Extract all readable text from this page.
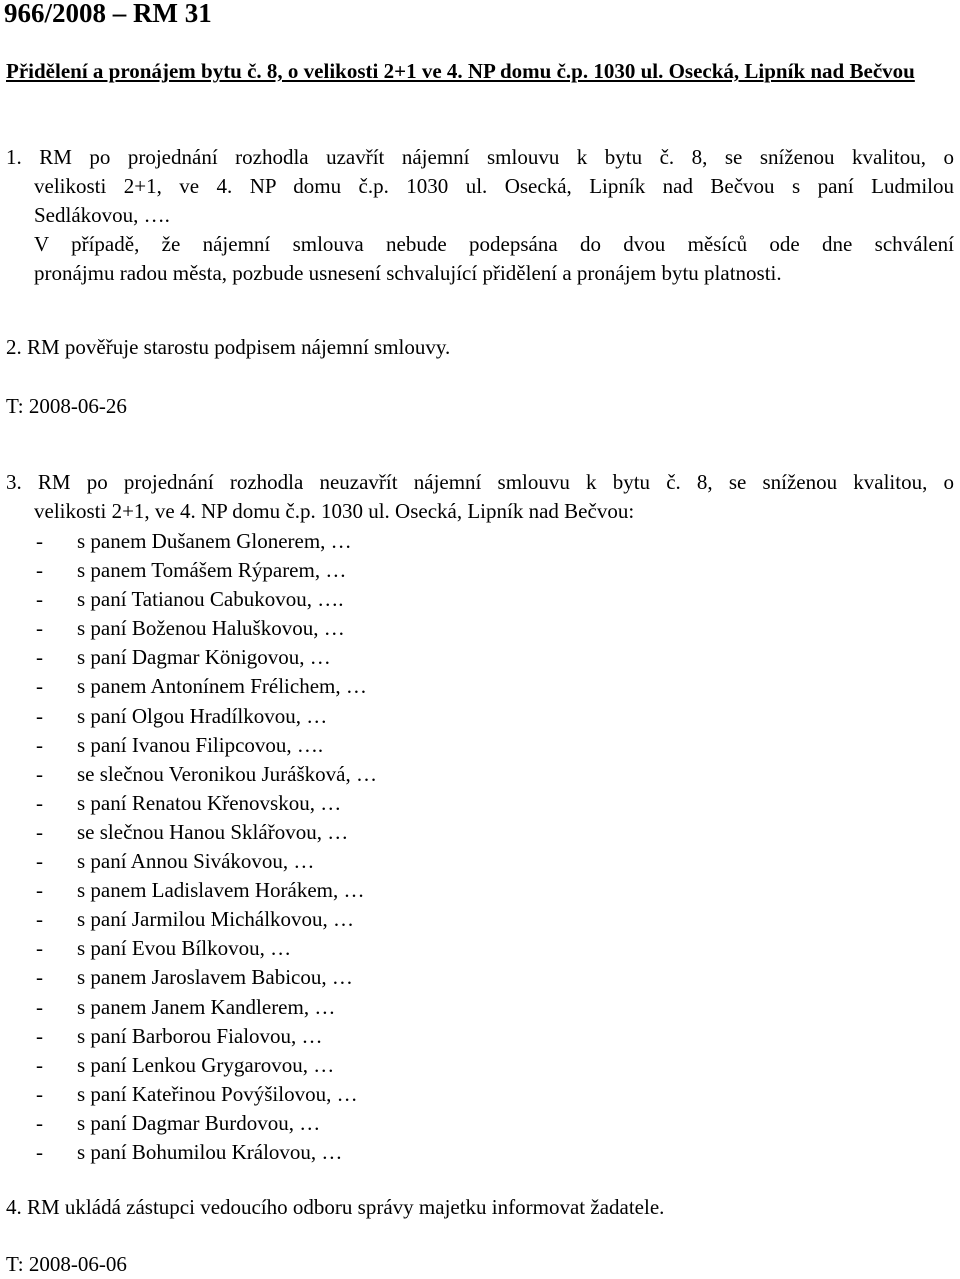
966/2008 – RM 31
Přidělení a pronájem bytu č. 8, o velikosti 2+1 ve 4. NP domu č.p. 1030 ul. Osecká, Lipník nad Bečvou
1. RM po projednání rozhodla uzavřít nájemní smlouvu k bytu č. 8, se sníženou kvalitou, o
velikosti 2+1, ve 4. NP domu č.p. 1030 ul. Osecká, Lipník nad Bečvou s paní Ludmilou
Sedlákovou, ….
V případě, že nájemní smlouva nebude podepsána do dvou měsíců ode dne schválení
pronájmu radou města, pozbude usnesení schvalující přidělení a pronájem bytu platnosti.
2. RM pověřuje starostu podpisem nájemní smlouvy.
T: 2008-06-26
3. RM po projednání rozhodla neuzavřít nájemní smlouvu k bytu č. 8, se sníženou kvalitou, o
velikosti 2+1, ve 4. NP domu č.p. 1030 ul. Osecká, Lipník nad Bečvou:
-	s panem Dušanem Glonerem, …
-	s panem Tomášem Rýparem, …
-	s paní Tatianou Cabukovou, ….
-	s paní Boženou Haluškovou, …
-	s paní Dagmar Königovou, …
-	s panem Antonínem Frélichem, …
-	s paní Olgou Hradílkovou, …
-	s paní Ivanou Filipcovou, ….
-	se slečnou Veronikou Jurášková, …
-	s paní Renatou Křenovskou, …
-	se slečnou Hanou Sklářovou, …
-	s paní Annou Sivákovou, …
-	s panem Ladislavem Horákem, …
-	s paní Jarmilou Michálkovou, …
-	s paní Evou Bílkovou, …
-	s panem Jaroslavem Babicou, …
-	s panem Janem Kandlerem, …
-	s paní Barborou Fialovou, …
-	s paní Lenkou Grygarovou, …
-	s paní Kateřinou Povýšilovou, …
-	s paní Dagmar Burdovou, …
-	s paní Bohumilou Královou, …
4. RM ukládá zástupci vedoucího odboru správy majetku informovat žadatele.
T: 2008-06-06
